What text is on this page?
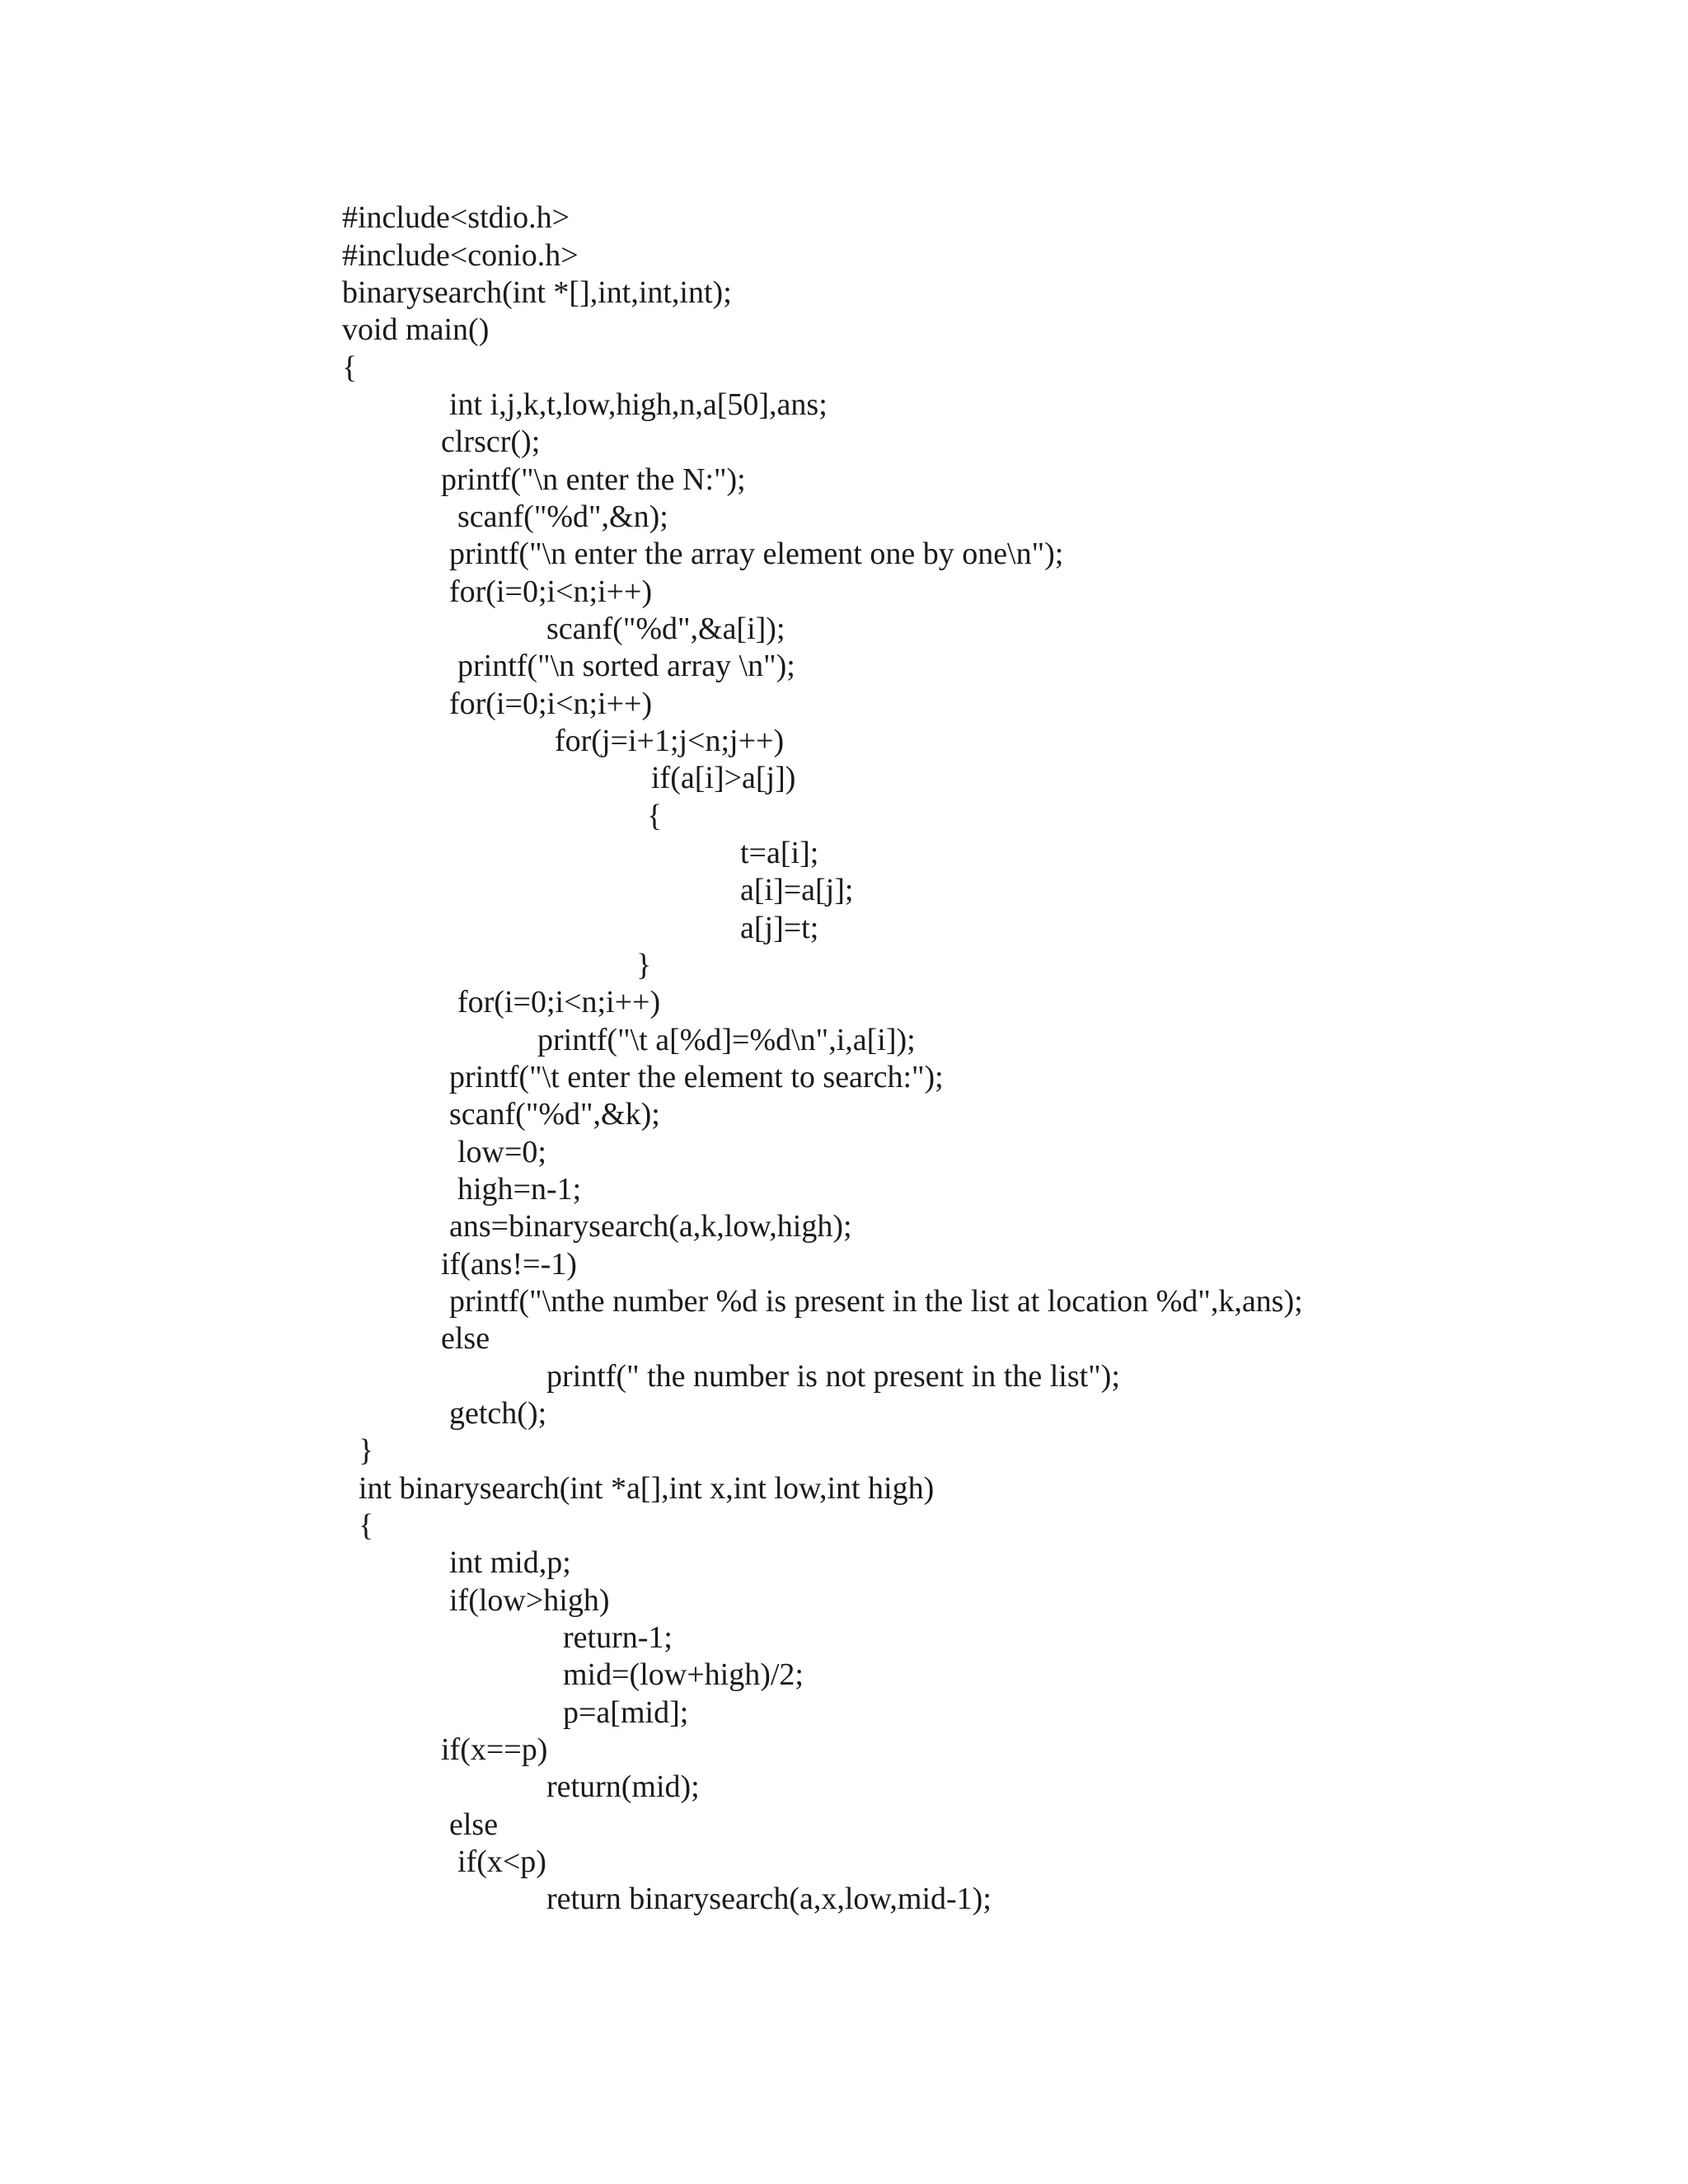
#include<stdio.h>

#include<conio.h>

binarysearch(int *[],int,int,int);

void main()

{

int i,j,k,t,low,high,n,a[50],ans;

clrscr();

printf("\n enter the N:");

scanf("%d",&n);

printf("\n enter the array element one by one\n");

for(i=0;i<n;i++)

scanf("%d",&a[i]);

printf("\n sorted array \n");

for(i=0;i<n;i++)

for(j=i+1;j<n;j++)

if(a[i]>a[j])

{

t=a[i];

a[i]=a[j];

a[j]=t;

}

for(i=0;i<n;i++)

printf("\t a[%d]=%d\n",i,a[i]);

printf("\t enter the element to search:");

scanf("%d",&k);

low=0;

high=n-1;

ans=binarysearch(a,k,low,high);

if(ans!=-1)

printf("\nthe number %d is present in the list at location %d",k,ans);

else

printf(" the number is not present in the list");

getch();

}

int binarysearch(int *a[],int x,int low,int high)

{

int mid,p;

if(low>high)

return-1;

mid=(low+high)/2;

p=a[mid];

if(x==p)

return(mid);

else

if(x<p)

return binarysearch(a,x,low,mid-1);
